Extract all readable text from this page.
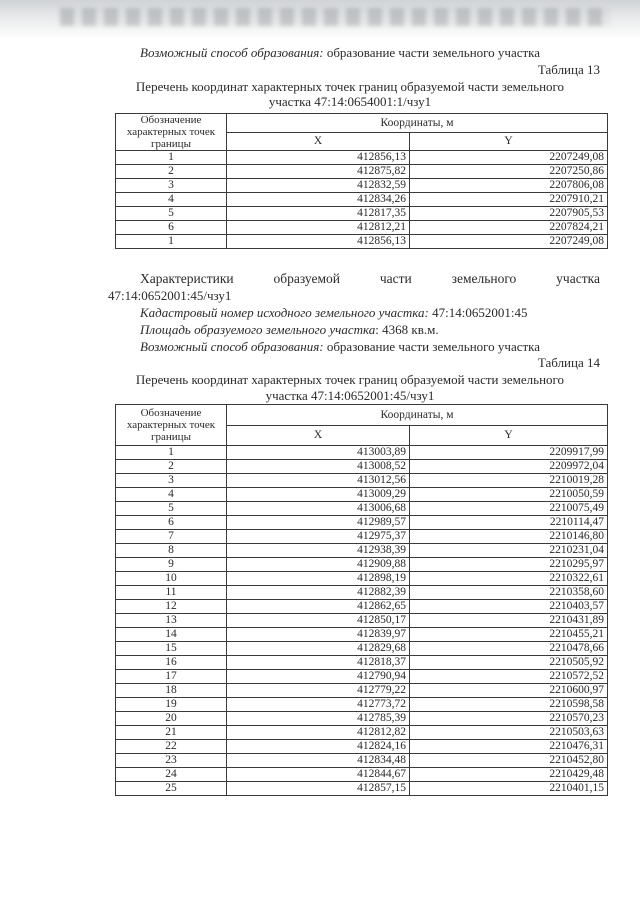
Возможный способ образования: образование части земельного участка
Таблица 13
Перечень координат характерных точек границ образуемой части земельного
участка 47:14:0654001:1/чзу1
Обозначение характерных точек границы	Координаты, м	
	X	Y
1	412856,13	2207249,08
2	412875,82	2207250,86
3	412832,59	2207806,08
4	412834,26	2207910,21
5	412817,35	2207905,53
6	412812,21	2207824,21
1	412856,13	2207249,08
Характеристики	образуемой	части	земельного	участка
47:14:0652001:45/чзу1
Кадастровый номер исходного земельного участка: 47:14:0652001:45
Площадь образуемого земельного участка: 4368 кв.м.
Возможный способ образования: образование части земельного участка
Таблица 14
Перечень координат характерных точек границ образуемой части земельного
участка 47:14:0652001:45/чзу1
Обозначение характерных точек границы	Координаты, м	
	X	Y
1	413003,89	2209917,99
2	413008,52	2209972,04
3	413012,56	2210019,28
4	413009,29	2210050,59
5	413006,68	2210075,49
6	412989,57	2210114,47
7	412975,37	2210146,80
8	412938,39	2210231,04
9	412909,88	2210295,97
10	412898,19	2210322,61
11	412882,39	2210358,60
12	412862,65	2210403,57
13	412850,17	2210431,89
14	412839,97	2210455,21
15	412829,68	2210478,66
16	412818,37	2210505,92
17	412790,94	2210572,52
18	412779,22	2210600,97
19	412773,72	2210598,58
20	412785,39	2210570,23
21	412812,82	2210503,63
22	412824,16	2210476,31
23	412834,48	2210452,80
24	412844,67	2210429,48
25	412857,15	2210401,15
